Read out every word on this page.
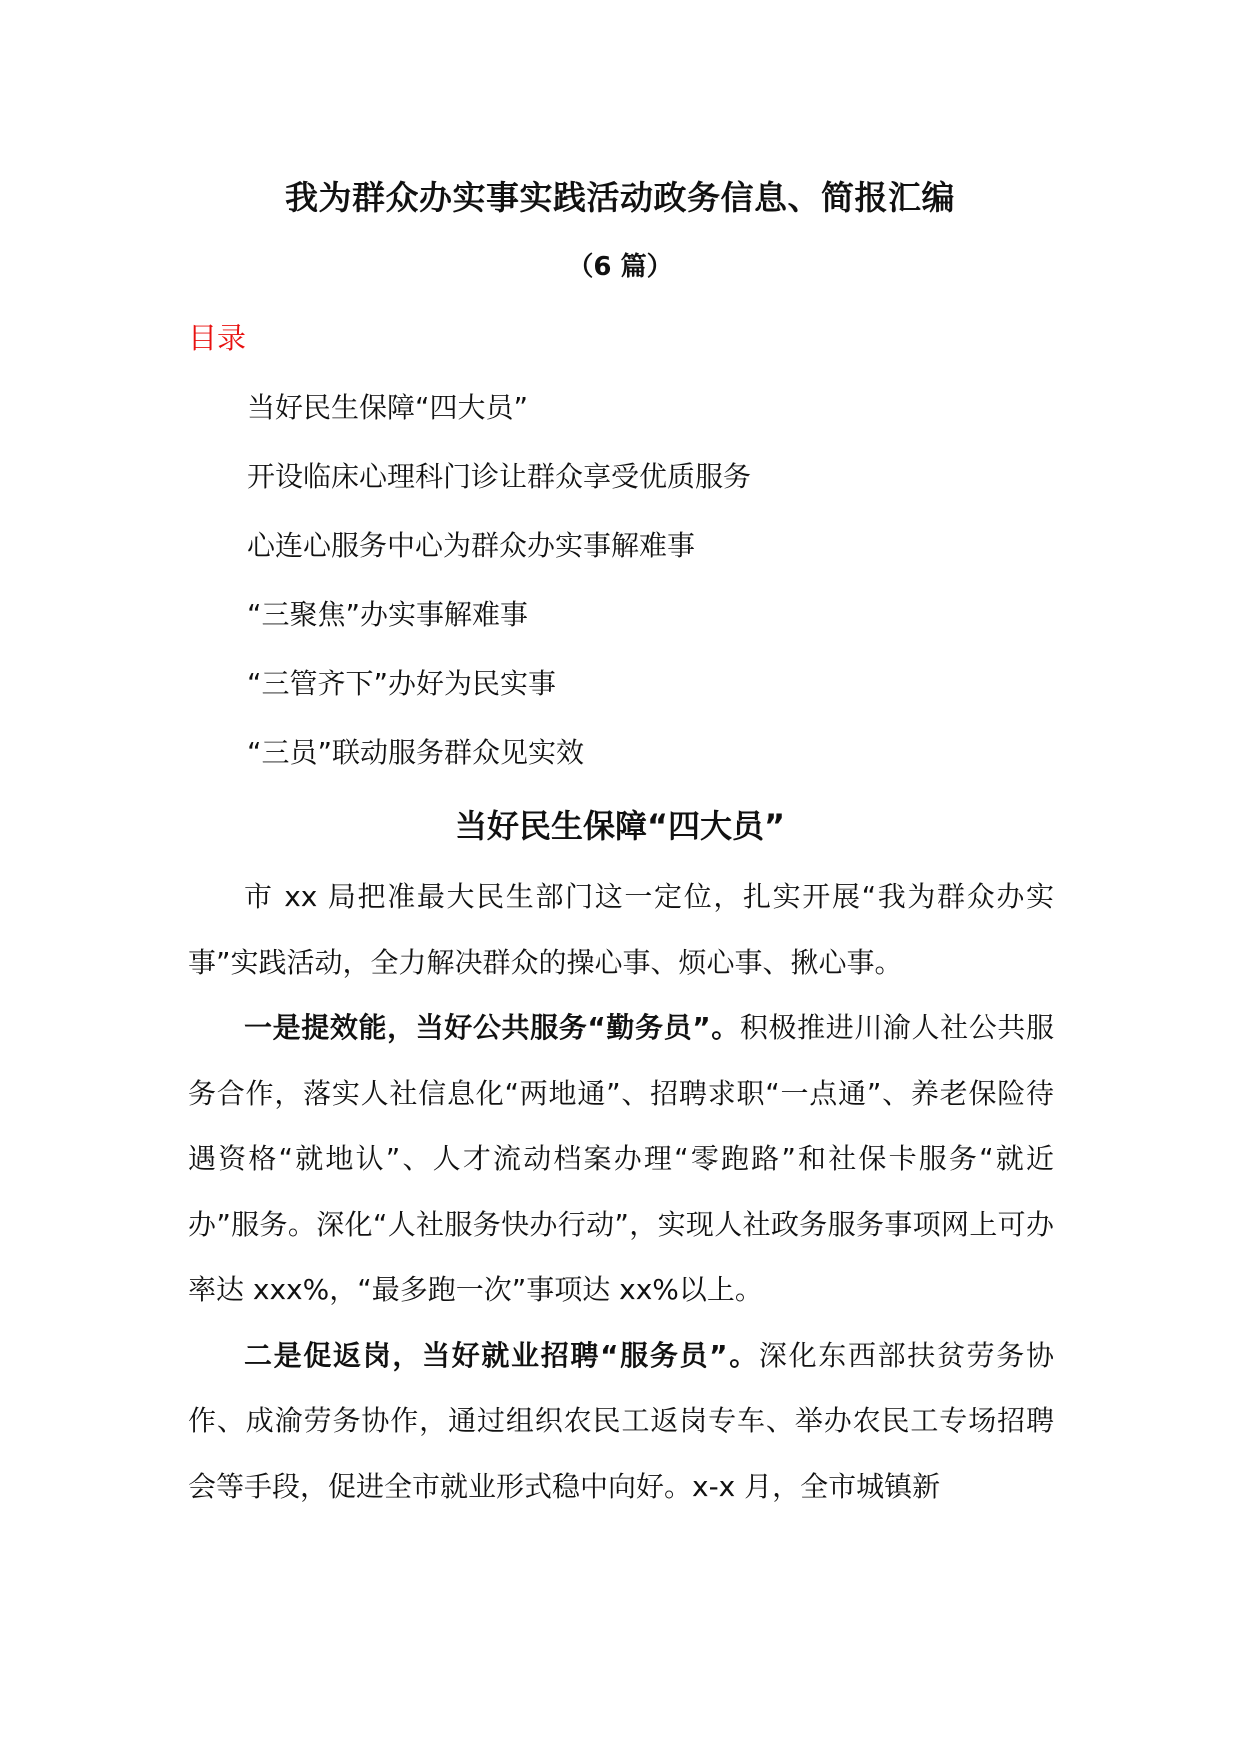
我为群众办实事实践活动政务信息、简报汇编
（6 篇）
目录
当好民生保障“四大员”
开设临床心理科门诊让群众享受优质服务
心连心服务中心为群众办实事解难事
“三聚焦”办实事解难事
“三管齐下”办好为民实事
“三员”联动服务群众见实效
当好民生保障“四大员”

市 xx 局把准最大民生部门这一定位，扎实开展“我为群众办实事”实践活动，全力解决群众的操心事、烦心事、揪心事。

一是提效能，当好公共服务“勤务员”。积极推进川渝人社公共服务合作，落实人社信息化“两地通”、招聘求职“一点通”、养老保险待遇资格“就地认”、人才流动档案办理“零跑路”和社保卡服务“就近办”服务。深化“人社服务快办行动”，实现人社政务服务事项网上可办率达 xxx%，“最多跑一次”事项达 xx%以上。

二是促返岗，当好就业招聘“服务员”。深化东西部扶贫劳务协作、成渝劳务协作，通过组织农民工返岗专车、举办农民工专场招聘会等手段，促进全市就业形式稳中向好。x-x 月，全市城镇新
